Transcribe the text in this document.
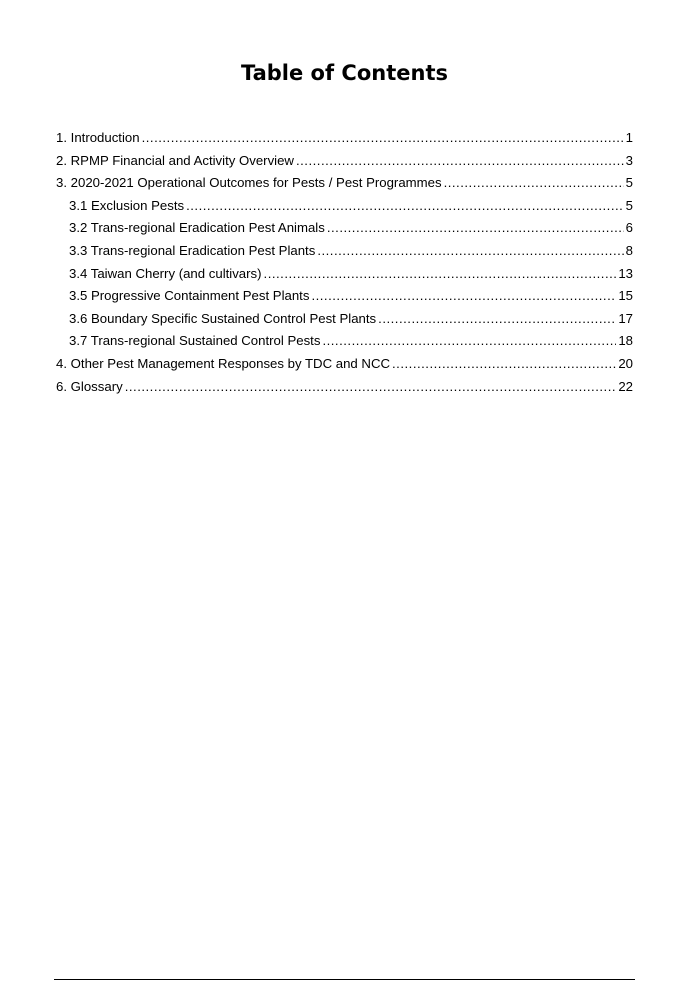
Table of Contents
1. Introduction .....	1
2. RPMP Financial and Activity Overview .....	3
3. 2020-2021 Operational Outcomes for Pests / Pest Programmes .....	5
3.1 Exclusion Pests .....	5
3.2 Trans-regional Eradication Pest Animals .....	6
3.3 Trans-regional Eradication Pest Plants .....	8
3.4 Taiwan Cherry (and cultivars) .....	13
3.5 Progressive Containment Pest Plants .....	15
3.6 Boundary Specific Sustained Control Pest Plants .....	17
3.7 Trans-regional Sustained Control Pests .....	18
4. Other Pest Management Responses by TDC and NCC .....	20
6. Glossary .....	22
